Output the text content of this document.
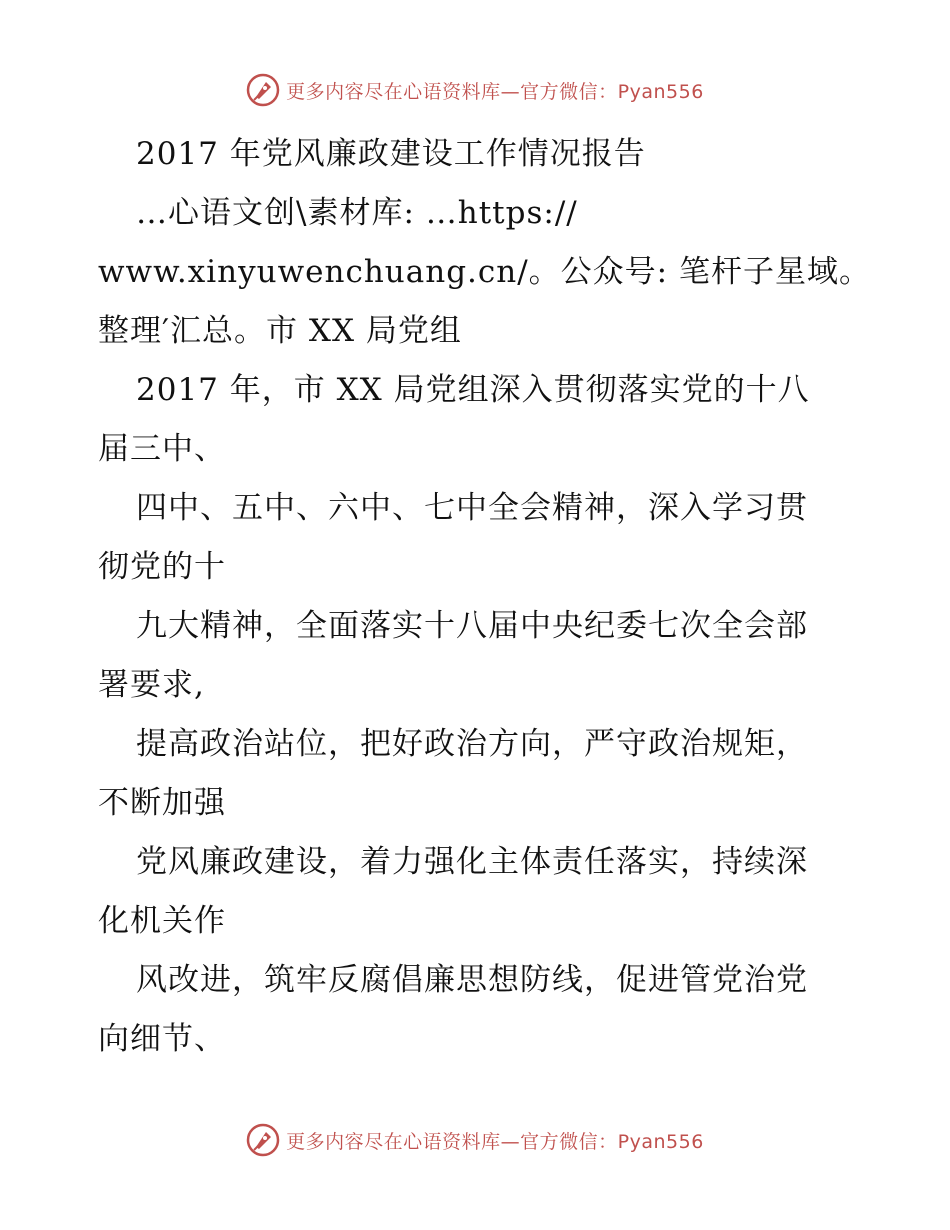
更多内容尽在心语资料库—官方微信：Pyan556
2017 年党风廉政建设工作情况报告
…心语文创\素材库: …https://
www.xinyuwenchuang.cn/。公众号: 笔杆子星域。
整理′汇总。市 XX 局党组
2017 年，市 XX 局党组深入贯彻落实党的十八
届三中、
四中、五中、六中、七中全会精神，深入学习贯
彻党的十
九大精神，全面落实十八届中央纪委七次全会部
署要求,
提高政治站位，把好政治方向，严守政治规矩，
不断加强
党风廉政建设，着力强化主体责任落实，持续深
化机关作
风改进，筑牢反腐倡廉思想防线，促进管党治党
向细节、
更多内容尽在心语资料库—官方微信：Pyan556
